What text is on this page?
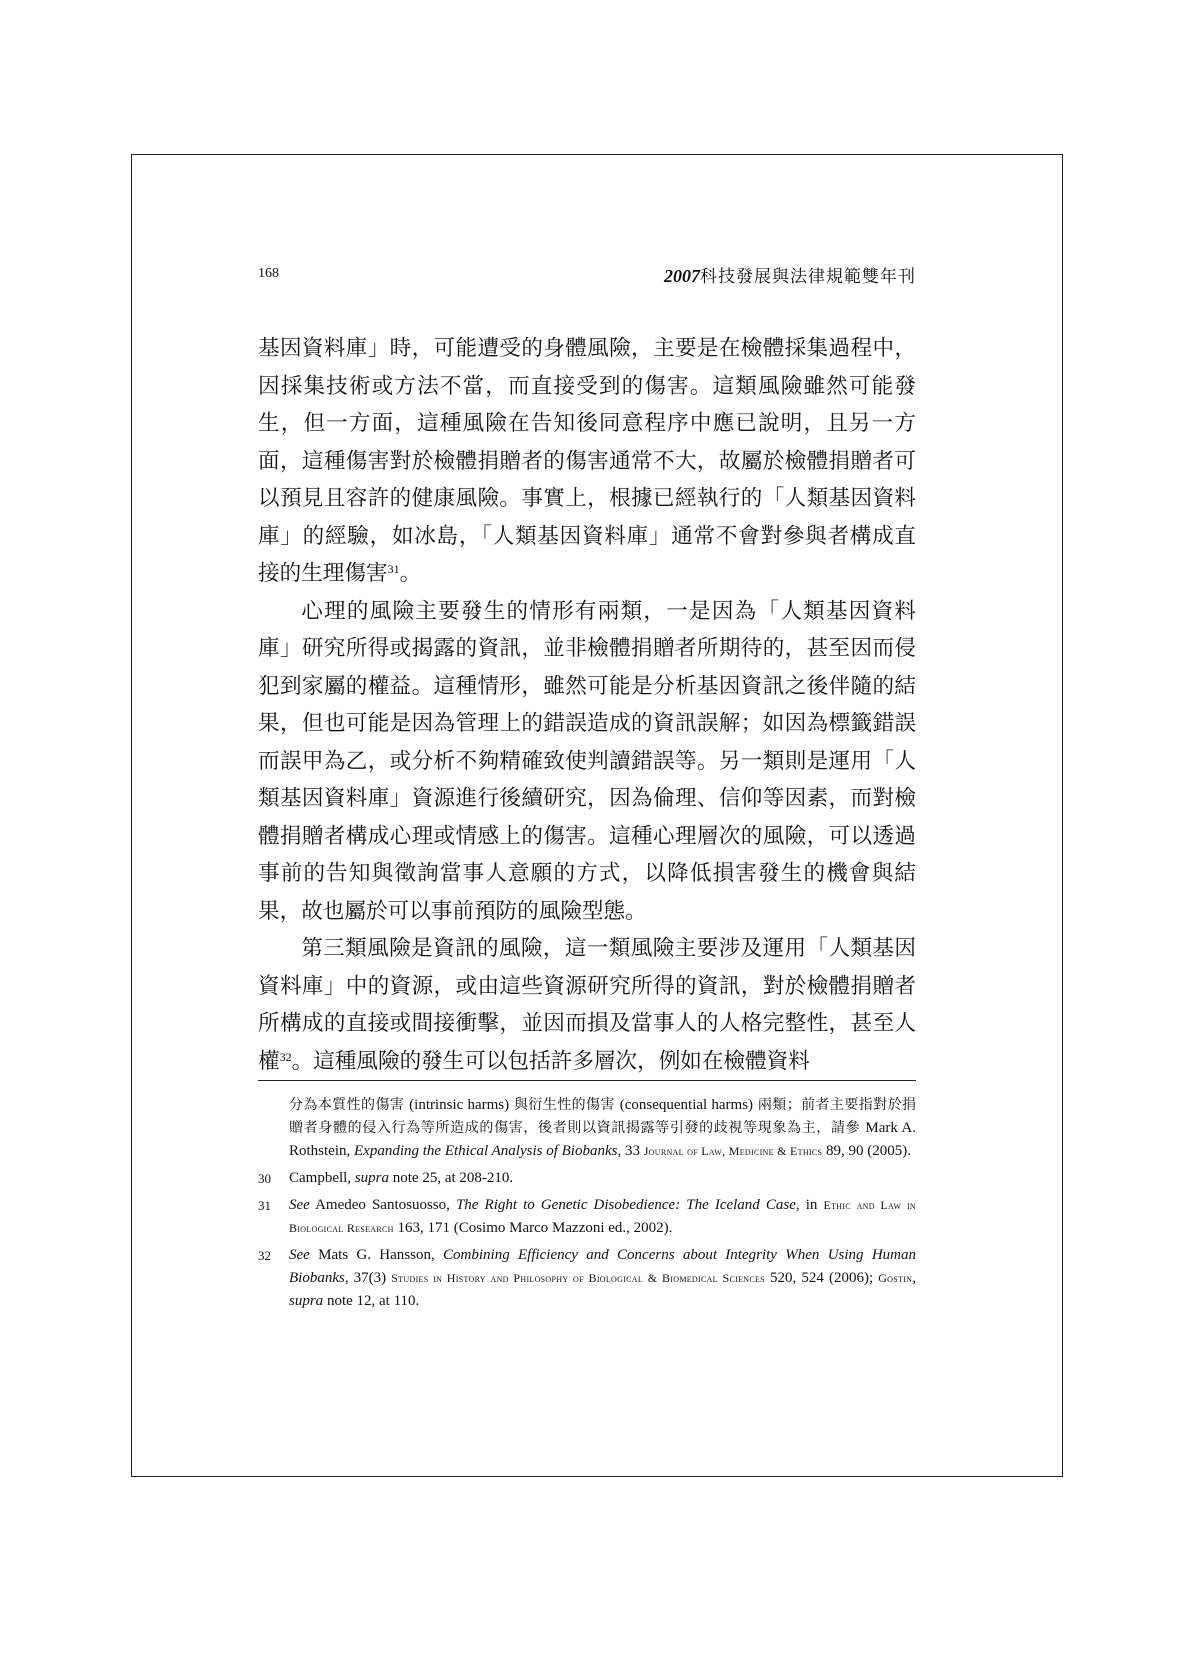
168	2007科技發展與法律規範雙年刊

基因資料庫」時，可能遭受的身體風險，主要是在檢體採集過程中，因採集技術或方法不當，而直接受到的傷害。這類風險雖然可能發生，但一方面，這種風險在告知後同意程序中應已說明，且另一方面，這種傷害對於檢體捐贈者的傷害通常不大，故屬於檢體捐贈者可以預見且容許的健康風險。事實上，根據已經執行的「人類基因資料庫」的經驗，如冰島，「人類基因資料庫」通常不會對參與者構成直接的生理傷害$^{31}$。

心理的風險主要發生的情形有兩類，一是因為「人類基因資料庫」研究所得或揭露的資訊，並非檢體捐贈者所期待的，甚至因而侵犯到家屬的權益。這種情形，雖然可能是分析基因資訊之後伴隨的結果，但也可能是因為管理上的錯誤造成的資訊誤解；如因為標籤錯誤而誤甲為乙，或分析不夠精確致使判讀錯誤等。另一類則是運用「人類基因資料庫」資源進行後續研究，因為倫理、信仰等因素，而對檢體捐贈者構成心理或情感上的傷害。這種心理層次的風險，可以透過事前的告知與徵詢當事人意願的方式，以降低損害發生的機會與結果，故也屬於可以事前預防的風險型態。

第三類風險是資訊的風險，這一類風險主要涉及運用「人類基因資料庫」中的資源，或由這些資源研究所得的資訊，對於檢體捐贈者所構成的直接或間接衝擊，並因而損及當事人的人格完整性，甚至人權$^{32}$。這種風險的發生可以包括許多層次，例如在檢體資料

分為本質性的傷害 (intrinsic harms) 與衍生性的傷害 (consequential harms) 兩類；前者主要指對於捐贈者身體的侵入行為等所造成的傷害，後者則以資訊揭露等引發的歧視等現象為主，請參 Mark A. Rothstein, Expanding the Ethical Analysis of Biobanks, 33 Journal of Law, Medicine & Ethics 89, 90 (2005).
30	Campbell, supra note 25, at 208-210.
31	See Amedeo Santosuosso, The Right to Genetic Disobedience: The Iceland Case, in Ethic and Law in Biological Research 163, 171 (Cosimo Marco Mazzoni ed., 2002).
32	See Mats G. Hansson, Combining Efficiency and Concerns about Integrity When Using Human Biobanks, 37(3) Studies in History and Philosophy of Biological & Biomedical Sciences 520, 524 (2006); Gostin, supra note 12, at 110.
